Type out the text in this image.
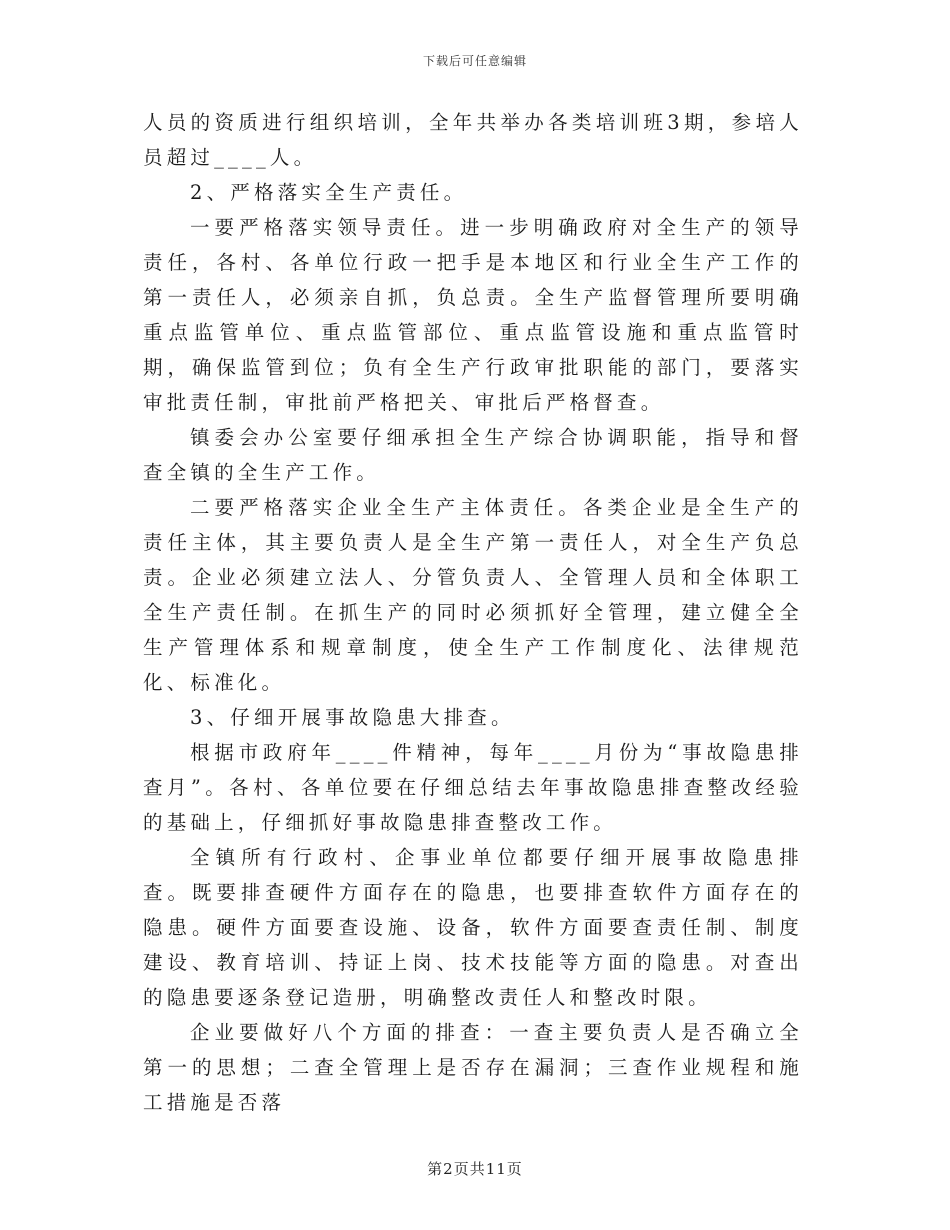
下载后可任意编辑

人员的资质进行组织培训，全年共举办各类培训班3期，参培人员超过____人。

2、严格落实全生产责任。

一要严格落实领导责任。进一步明确政府对全生产的领导责任，各村、各单位行政一把手是本地区和行业全生产工作的第一责任人，必须亲自抓，负总责。全生产监督管理所要明确重点监管单位、重点监管部位、重点监管设施和重点监管时期，确保监管到位；负有全生产行政审批职能的部门，要落实审批责任制，审批前严格把关、审批后严格督查。

镇委会办公室要仔细承担全生产综合协调职能，指导和督查全镇的全生产工作。

二要严格落实企业全生产主体责任。各类企业是全生产的责任主体，其主要负责人是全生产第一责任人，对全生产负总责。企业必须建立法人、分管负责人、全管理人员和全体职工全生产责任制。在抓生产的同时必须抓好全管理，建立健全全生产管理体系和规章制度，使全生产工作制度化、法律规范化、标准化。

3、仔细开展事故隐患大排查。

根据市政府年____件精神，每年____月份为“事故隐患排查月”。各村、各单位要在仔细总结去年事故隐患排查整改经验的基础上，仔细抓好事故隐患排查整改工作。

全镇所有行政村、企事业单位都要仔细开展事故隐患排查。既要排查硬件方面存在的隐患，也要排查软件方面存在的隐患。硬件方面要查设施、设备，软件方面要查责任制、制度建设、教育培训、持证上岗、技术技能等方面的隐患。对查出的隐患要逐条登记造册，明确整改责任人和整改时限。

企业要做好八个方面的排查：一查主要负责人是否确立全第一的思想；二查全管理上是否存在漏洞；三查作业规程和施工措施是否落

第2页共11页
